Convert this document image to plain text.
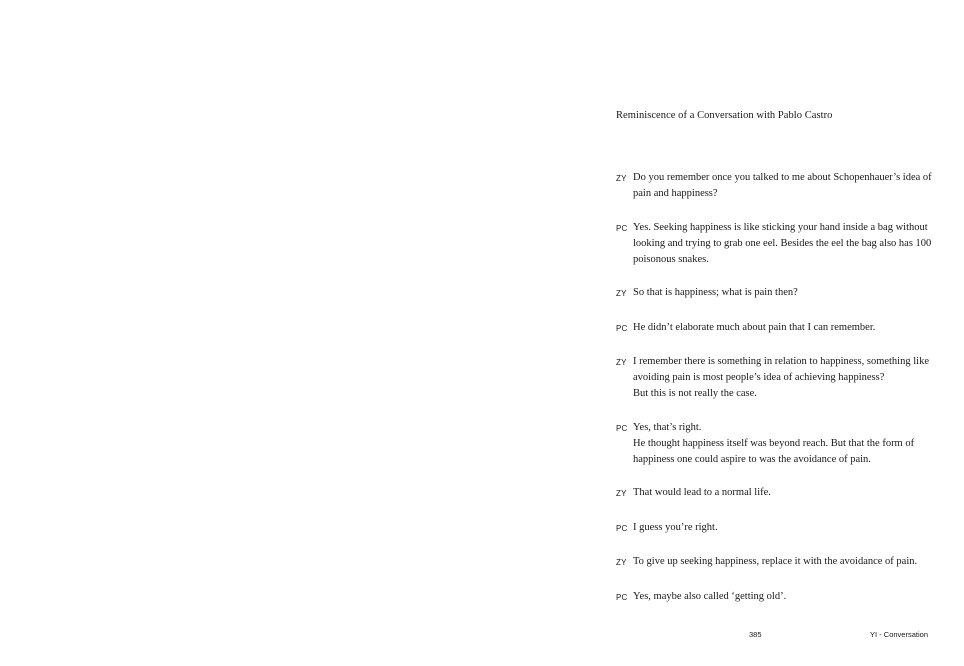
Reminiscence of a Conversation with Pablo Castro
ZY Do you remember once you talked to me about Schopenhauer’s idea of
pain and happiness?
PC Yes. Seeking happiness is like sticking your hand inside a bag without
looking and trying to grab one eel. Besides the eel the bag also has 100
poisonous snakes.
ZY So that is happiness; what is pain then?
PC He didn’t elaborate much about pain that I can remember.
ZY I remember there is something in relation to happiness, something like
avoiding pain is most people’s idea of achieving happiness?
But this is not really the case.
PC Yes, that’s right.
He thought happiness itself was beyond reach. But that the form of
happiness one could aspire to was the avoidance of pain.
ZY That would lead to a normal life.
PC I guess you’re right.
ZY To give up seeking happiness, replace it with the avoidance of pain.
PC Yes, maybe also called ‘getting old’.
385	YI - Conversation
